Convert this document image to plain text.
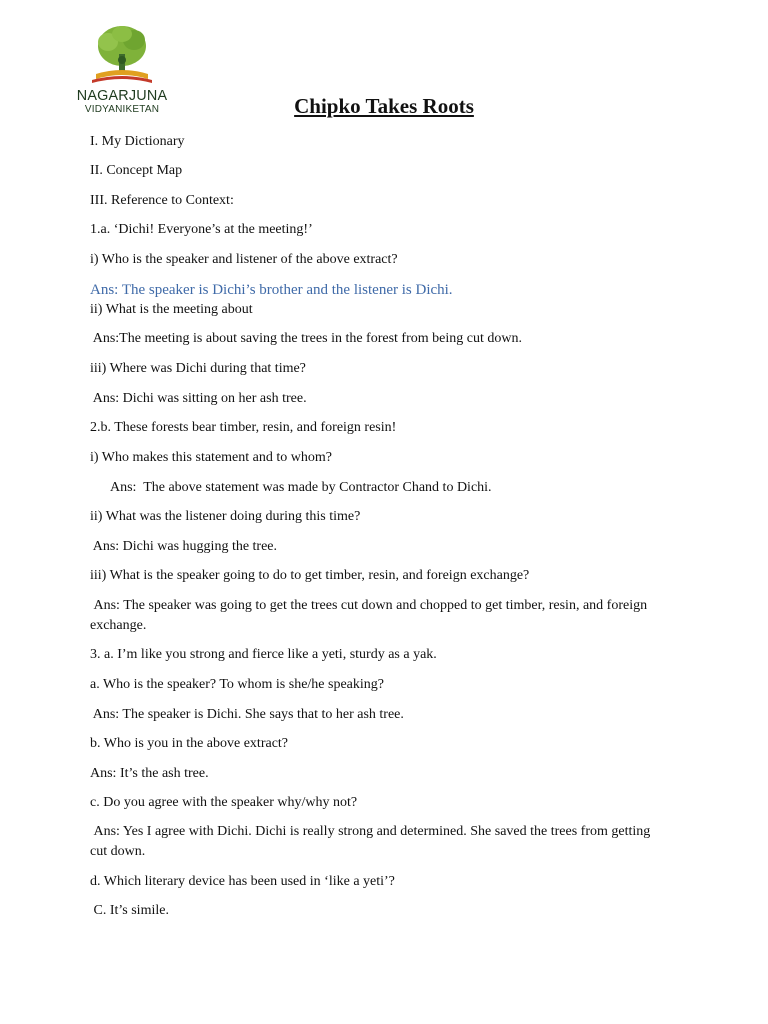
NAGARJUNA
VIDYANIKETAN	Chipko Takes Roots
I. My Dictionary
II. Concept Map
III. Reference to Context:
1.a. ‘Dichi! Everyone’s at the meeting!’
i) Who is the speaker and listener of the above extract?
Ans: The speaker is Dichi’s brother and the listener is Dichi.
ii) What is the meeting about
Ans:The meeting is about saving the trees in the forest from being cut down.
iii) Where was Dichi during that time?
Ans: Dichi was sitting on her ash tree.
2.b. These forests bear timber, resin, and foreign resin!
i) Who makes this statement and to whom?
Ans:  The above statement was made by Contractor Chand to Dichi.
ii) What was the listener doing during this time?
Ans: Dichi was hugging the tree.
iii) What is the speaker going to do to get timber, resin, and foreign exchange?
Ans: The speaker was going to get the trees cut down and chopped to get timber, resin, and foreign exchange.
3. a. I’m like you strong and fierce like a yeti, sturdy as a yak.
a. Who is the speaker? To whom is she/he speaking?
Ans: The speaker is Dichi. She says that to her ash tree.
b. Who is you in the above extract?
Ans: It’s the ash tree.
c. Do you agree with the speaker why/why not?
Ans: Yes I agree with Dichi. Dichi is really strong and determined. She saved the trees from getting cut down.
d. Which literary device has been used in ‘like a yeti’?
C. It’s simile.
